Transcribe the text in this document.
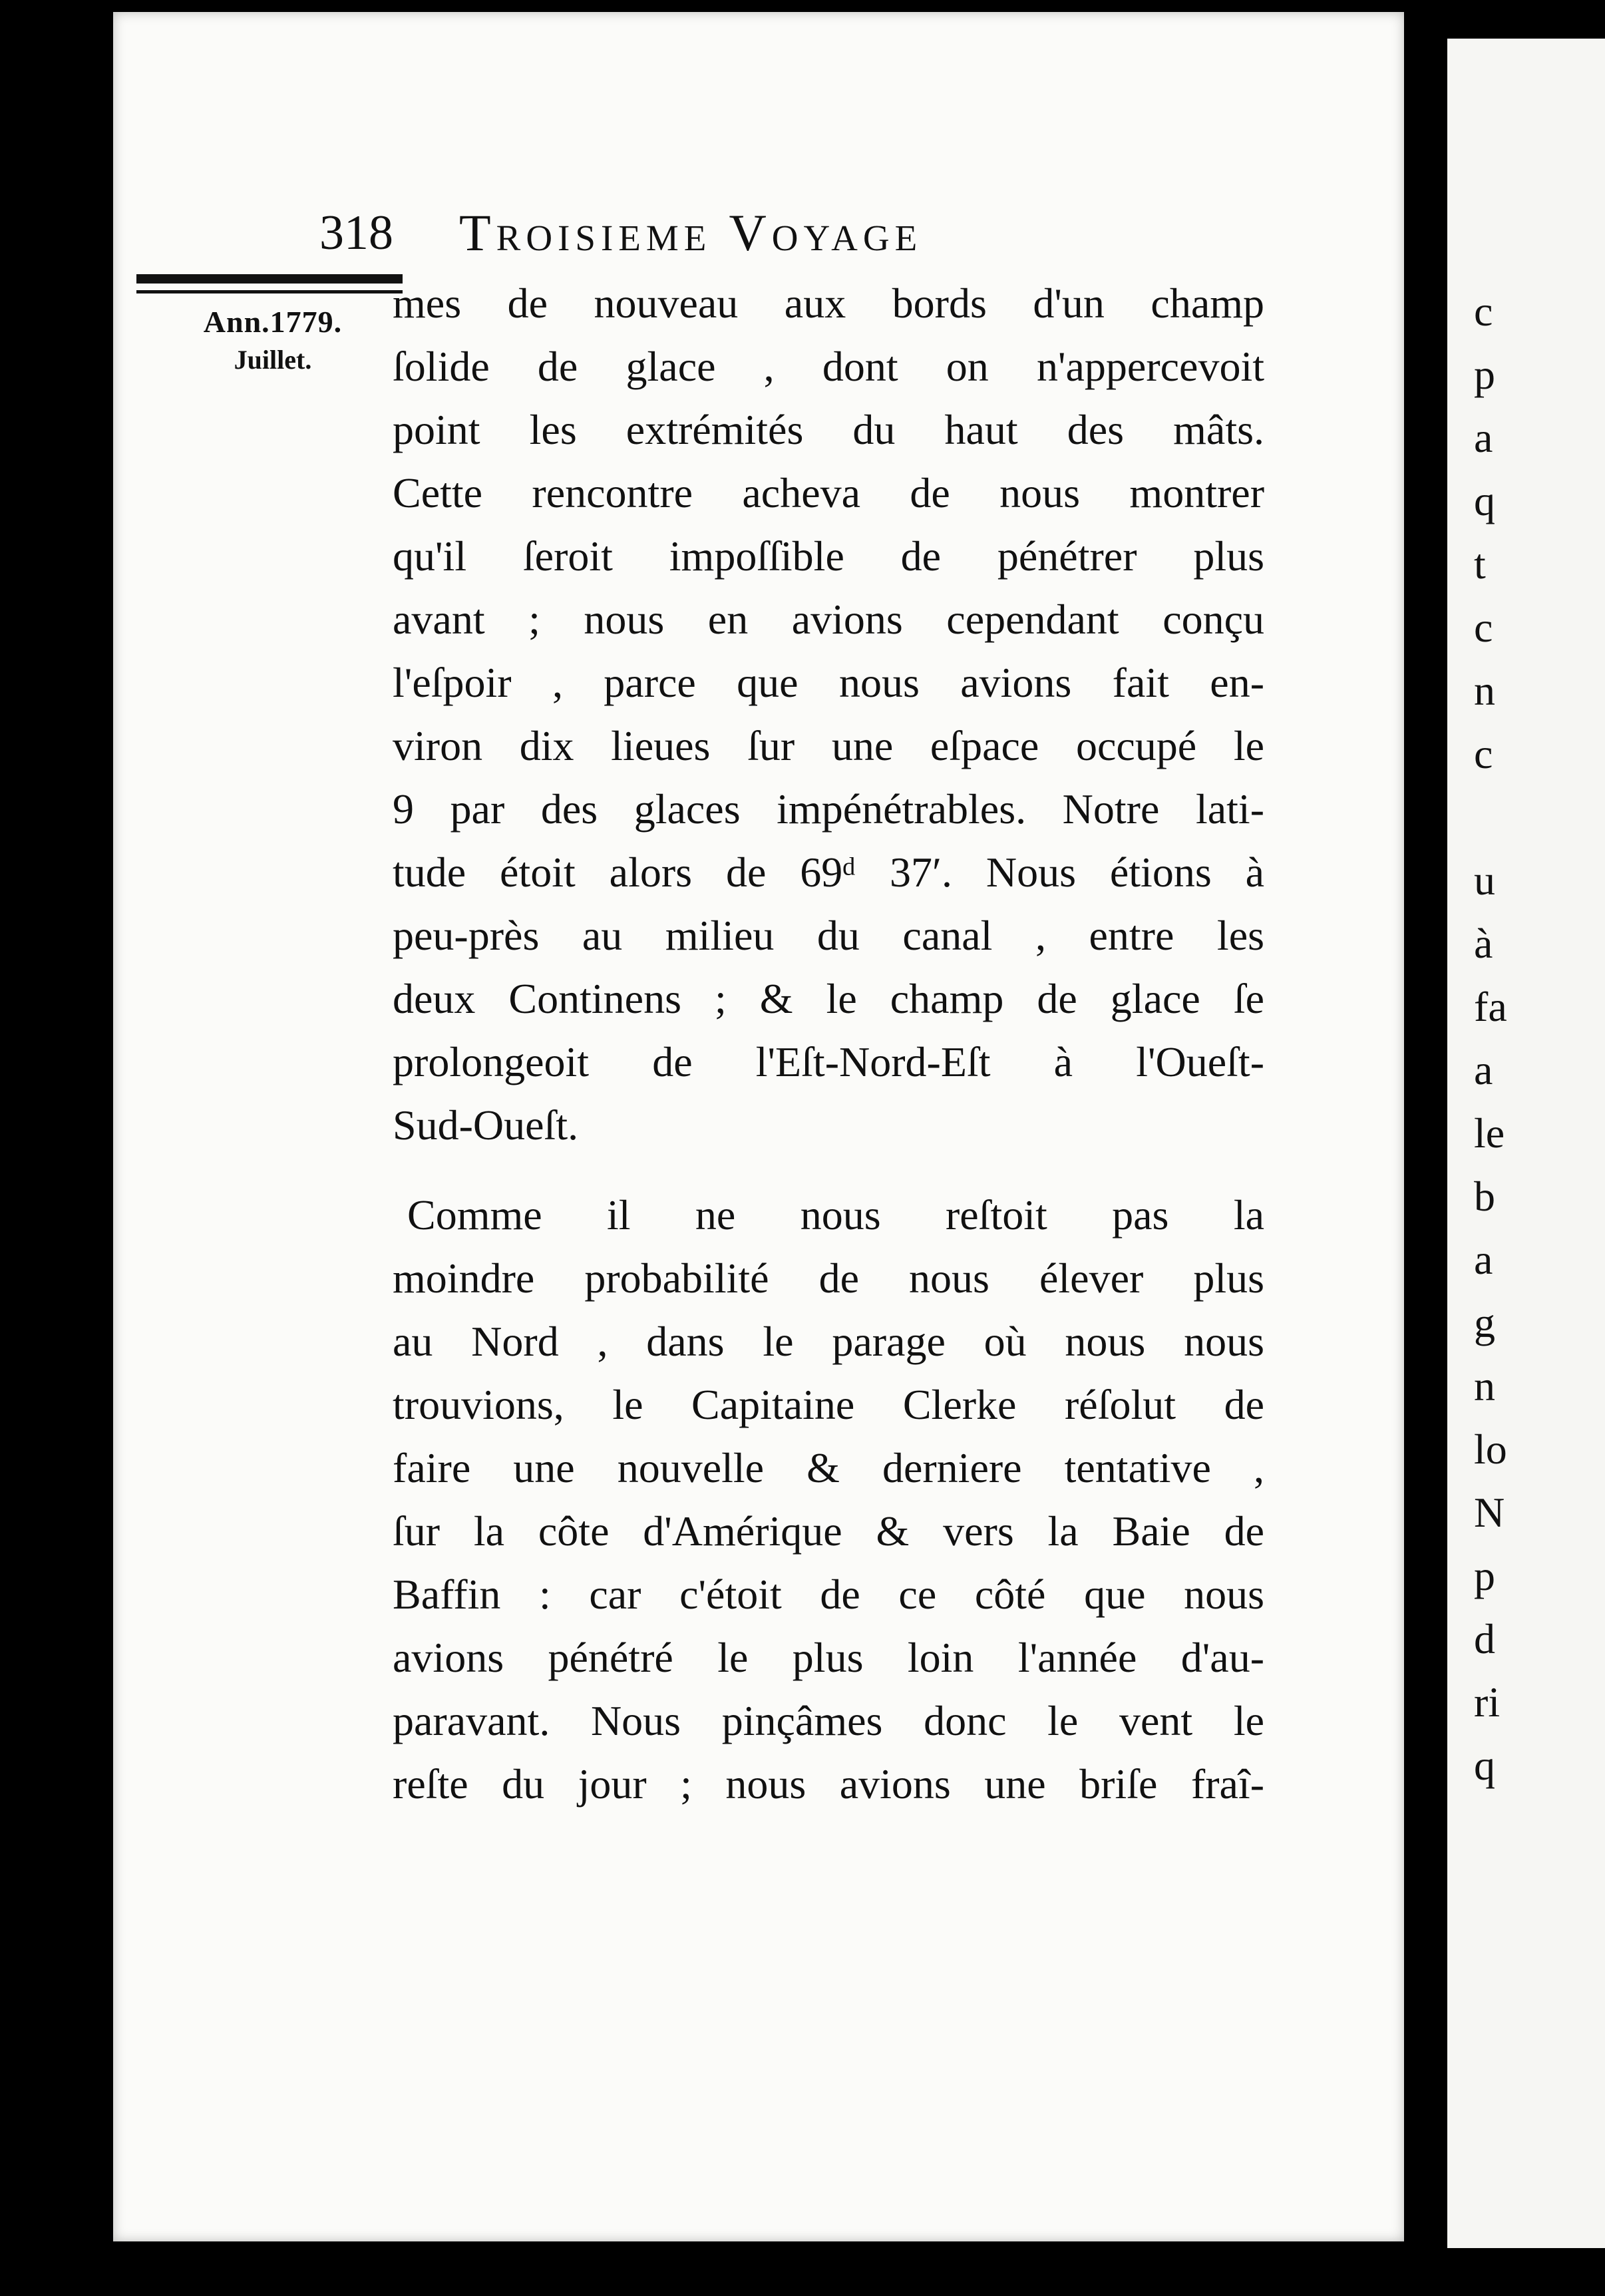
318 Troisieme Voyage
Ann.1779.
Juillet.
mes de nouveau aux bords d'un champ
ſolide de glace , dont on n'appercevoit
point les extrémités du haut des mâts.
Cette rencontre acheva de nous montrer
qu'il ſeroit impoſſible de pénétrer plus
avant ; nous en avions cependant conçu
l'eſpoir , parce que nous avions fait en-
viron dix lieues ſur une eſpace occupé le
9 par des glaces impénétrables. Notre lati-
tude étoit alors de 69ᵈ 37′. Nous étions à
peu-près au milieu du canal , entre les
deux Continens ; & le champ de glace ſe
prolongeoit de l'Eſt-Nord-Eſt à l'Oueſt-
Sud-Oueſt.
Comme il ne nous reſtoit pas la
moindre probabilité de nous élever plus
au Nord , dans le parage où nous nous
trouvions, le Capitaine Clerke réſolut de
faire une nouvelle & derniere tentative ,
ſur la côte d'Amérique & vers la Baie de
Baffin : car c'étoit de ce côté que nous
avions pénétré le plus loin l'année d'au-
paravant. Nous pinçâmes donc le vent le
reſte du jour ; nous avions une briſe fraî-
c
p
a
q
t
c
n
c
u
à
fa
a
le
b
a
g
n
lo
N
p
d
ri
q
